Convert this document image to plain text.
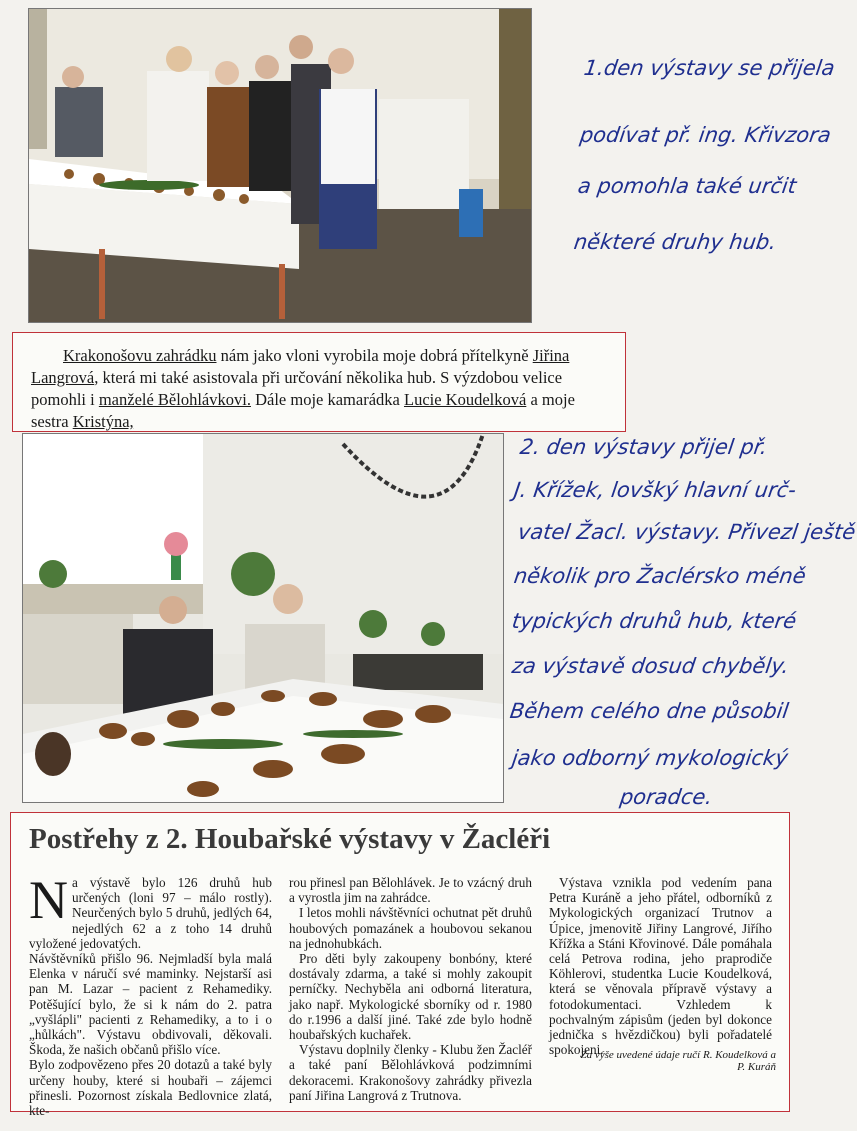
1.den výstavy se přijela
podívat př. ing. Křivzora
a pomohla také určit
některé druhy hub.

Krakonošovu zahrádku nám jako vloni vyrobila moje dobrá přítelkyně Jiřina Langrová, která mi také asistovala při určování několika hub. S výzdobou velice pomohli i manželé Bělohlávkovi. Dále moje kamarádka Lucie Koudelková a moje sestra Kristýna,

2. den výstavy přijel př.
J. Křížek, lovšký hlavní urč-
vatel Žacl. výstavy. Přivezl ještě
několik pro Žaclérsko méně
typických druhů hub, které
za výstavě dosud chyběly.
Během celého dne působil
jako odborný mykologický
poradce.
Postřehy z 2. Houbařské výstavy v Žacléři

Na výstavě bylo 126 druhů hub určených (loni 97 – málo rostly). Neurčených bylo 5 druhů, jedlých 64, nejedlých 62 a z toho 14 druhů vyložené jedovatých.

Návštěvníků přišlo 96. Nejmladší byla malá Elenka v náručí své maminky. Nejstarší asi pan M. Lazar – pacient z Rehamediky. Potěšující bylo, že si k nám do 2. patra „vyšlápli" pacienti z Rehamediky, a to i o „hůlkách". Výstavu obdivovali, děkovali. Škoda, že našich občanů přišlo více.

Bylo zodpovězeno přes 20 dotazů a také byly určeny houby, které si houbaři – zájemci přinesli. Pozornost získala Bedlovnice zlatá, kte-

rou přinesl pan Bělohlávek. Je to vzácný druh a vyrostla jim na zahrádce.

I letos mohli návštěvníci ochutnat pět druhů houbových pomazánek a houbovou sekanou na jednohubkách.

Pro děti byly zakoupeny bonbóny, které dostávaly zdarma, a také si mohly zakoupit perníčky. Nechyběla ani odborná literatura, jako např. Mykologické sborníky od r. 1980 do r.1996 a další jiné. Také zde bylo hodně houbařských kuchařek.

Výstavu doplnily členky - Klubu žen Žacléř a také paní Bělohlávková podzimními dekoracemi. Krakonošovy zahrádky přivezla paní Jiřina Langrová z Trutnova.

Výstava vznikla pod vedením pana Petra Kuráně a jeho přátel, odborníků z Mykologických organizací Trutnov a Úpice, jmenovitě Jiřiny Langrové, Jiřího Křížka a Stáni Křovinové. Dále pomáhala celá Petrova rodina, jeho praprodiče Köhlerovi, studentka Lucie Koudelková, která se věnovala přípravě výstavy a fotodokumentaci. Vzhledem k pochvalným zápisům (jeden byl dokonce jednička s hvězdičkou) byli pořadatelé spokojeni.

Za výše uvedené údaje ručí R. Koudelková a P. Kuráň
